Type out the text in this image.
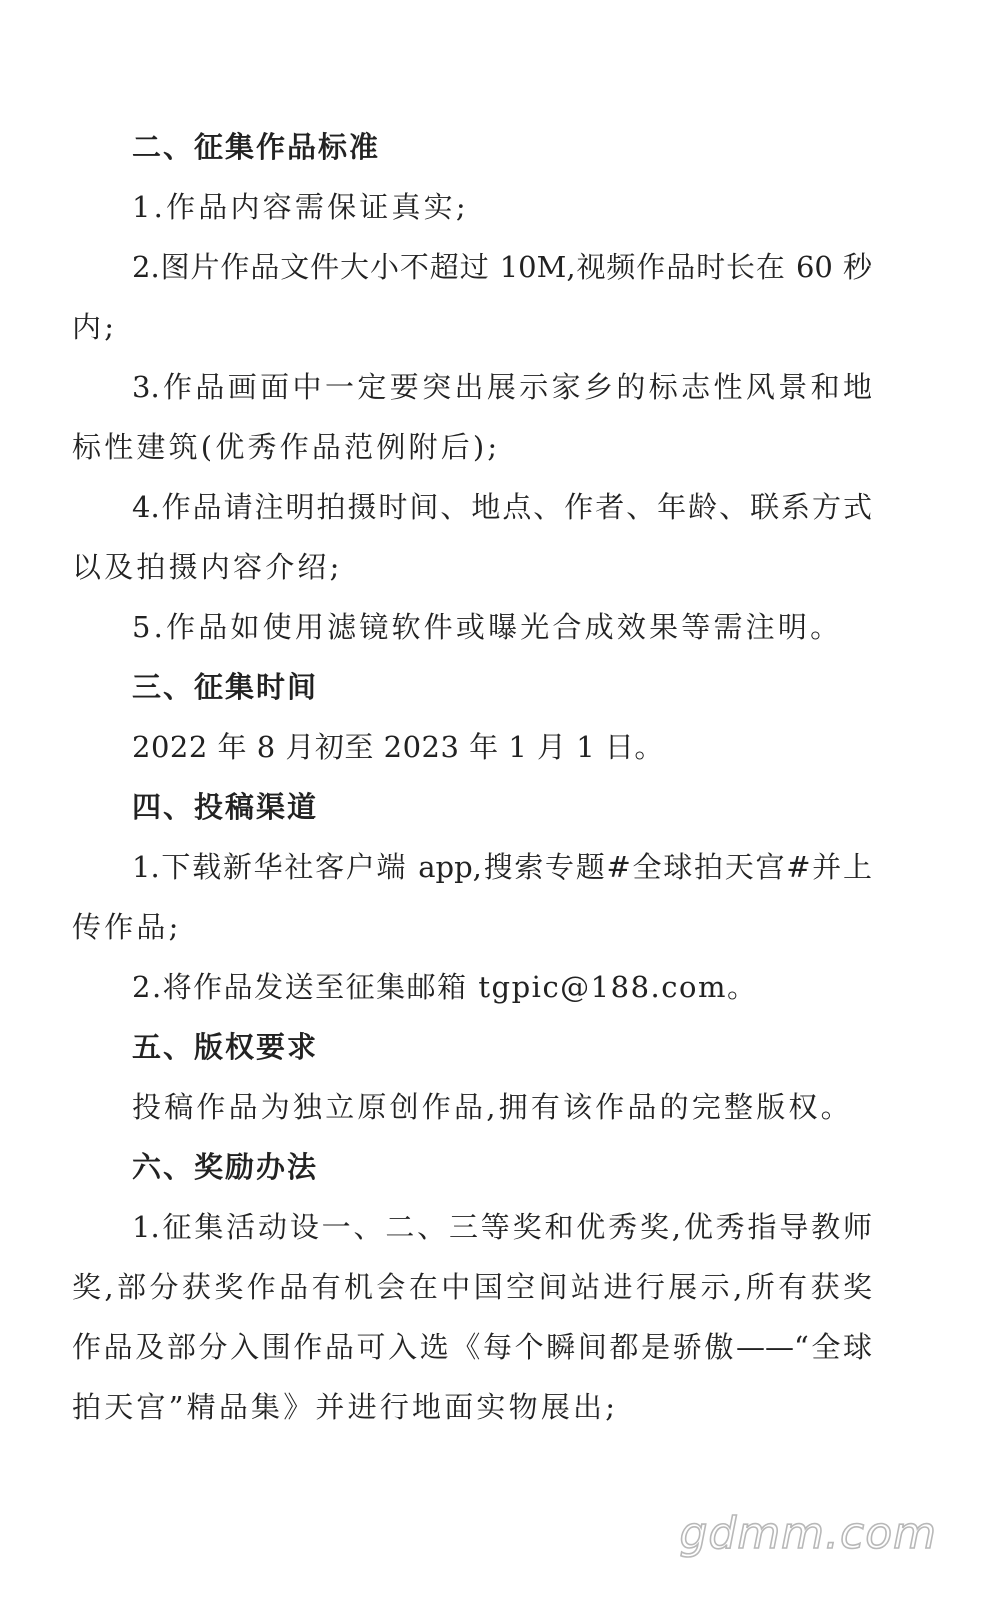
二、征集作品标准
1.作品内容需保证真实;
2.图片作品文件大小不超过 10M,视频作品时长在 60 秒
内;
3.作品画面中一定要突出展示家乡的标志性风景和地
标性建筑(优秀作品范例附后);
4.作品请注明拍摄时间、地点、作者、年龄、联系方式
以及拍摄内容介绍;
5.作品如使用滤镜软件或曝光合成效果等需注明。
三、征集时间
2022 年 8 月初至 2023 年 1 月 1 日。
四、投稿渠道
1.下载新华社客户端 app,搜索专题#全球拍天宫#并上
传作品;
2.将作品发送至征集邮箱 tgpic@188.com。
五、版权要求
投稿作品为独立原创作品,拥有该作品的完整版权。
六、奖励办法
1.征集活动设一、二、三等奖和优秀奖,优秀指导教师
奖,部分获奖作品有机会在中国空间站进行展示,所有获奖
作品及部分入围作品可入选《每个瞬间都是骄傲——“全球
拍天宫”精品集》并进行地面实物展出;
gdmm.com
